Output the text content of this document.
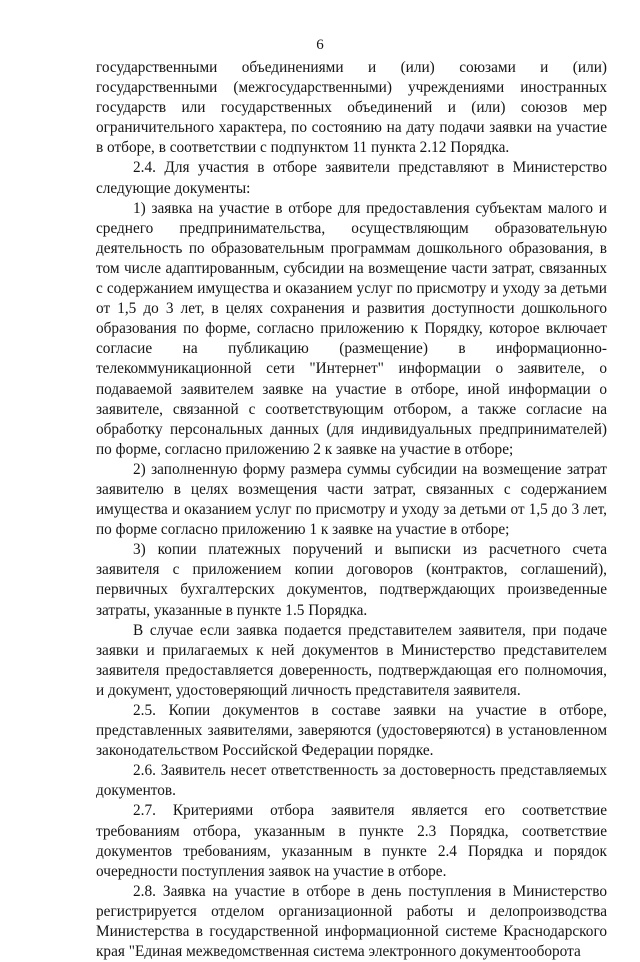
6

государственными объединениями и (или) союзами и (или) государственными (межгосударственными) учреждениями иностранных государств или государственных объединений и (или) союзов мер ограничительного характера, по состоянию на дату подачи заявки на участие в отборе, в соответствии с подпунктом 11 пункта 2.12 Порядка.

2.4. Для участия в отборе заявители представляют в Министерство следующие документы:

1) заявка на участие в отборе для предоставления субъектам малого и среднего предпринимательства, осуществляющим образовательную деятельность по образовательным программам дошкольного образования, в том числе адаптированным, субсидии на возмещение части затрат, связанных с содержанием имущества и оказанием услуг по присмотру и уходу за детьми от 1,5 до 3 лет, в целях сохранения и развития доступности дошкольного образования по форме, согласно приложению к Порядку, которое включает согласие на публикацию (размещение) в информационно-телекоммуникационной сети "Интернет" информации о заявителе, о подаваемой заявителем заявке на участие в отборе, иной информации о заявителе, связанной с соответствующим отбором, а также согласие на обработку персональных данных (для индивидуальных предпринимателей) по форме, согласно приложению 2 к заявке на участие в отборе;

2) заполненную форму размера суммы субсидии на возмещение затрат заявителю в целях возмещения части затрат, связанных с содержанием имущества и оказанием услуг по присмотру и уходу за детьми от 1,5 до 3 лет, по форме согласно приложению 1 к заявке на участие в отборе;

3) копии платежных поручений и выписки из расчетного счета заявителя с приложением копии договоров (контрактов, соглашений), первичных бухгалтерских документов, подтверждающих произведенные затраты, указанные в пункте 1.5 Порядка.

В случае если заявка подается представителем заявителя, при подаче заявки и прилагаемых к ней документов в Министерство представителем заявителя предоставляется доверенность, подтверждающая его полномочия, и документ, удостоверяющий личность представителя заявителя.

2.5. Копии документов в составе заявки на участие в отборе, представленных заявителями, заверяются (удостоверяются) в установленном законодательством Российской Федерации порядке.

2.6. Заявитель несет ответственность за достоверность представляемых документов.

2.7. Критериями отбора заявителя является его соответствие требованиям отбора, указанным в пункте 2.3 Порядка, соответствие документов требованиям, указанным в пункте 2.4 Порядка и порядок очередности поступления заявок на участие в отборе.

2.8. Заявка на участие в отборе в день поступления в Министерство регистрируется отделом организационной работы и делопроизводства Министерства в государственной информационной системе Краснодарского края "Единая межведомственная система электронного документооборота
